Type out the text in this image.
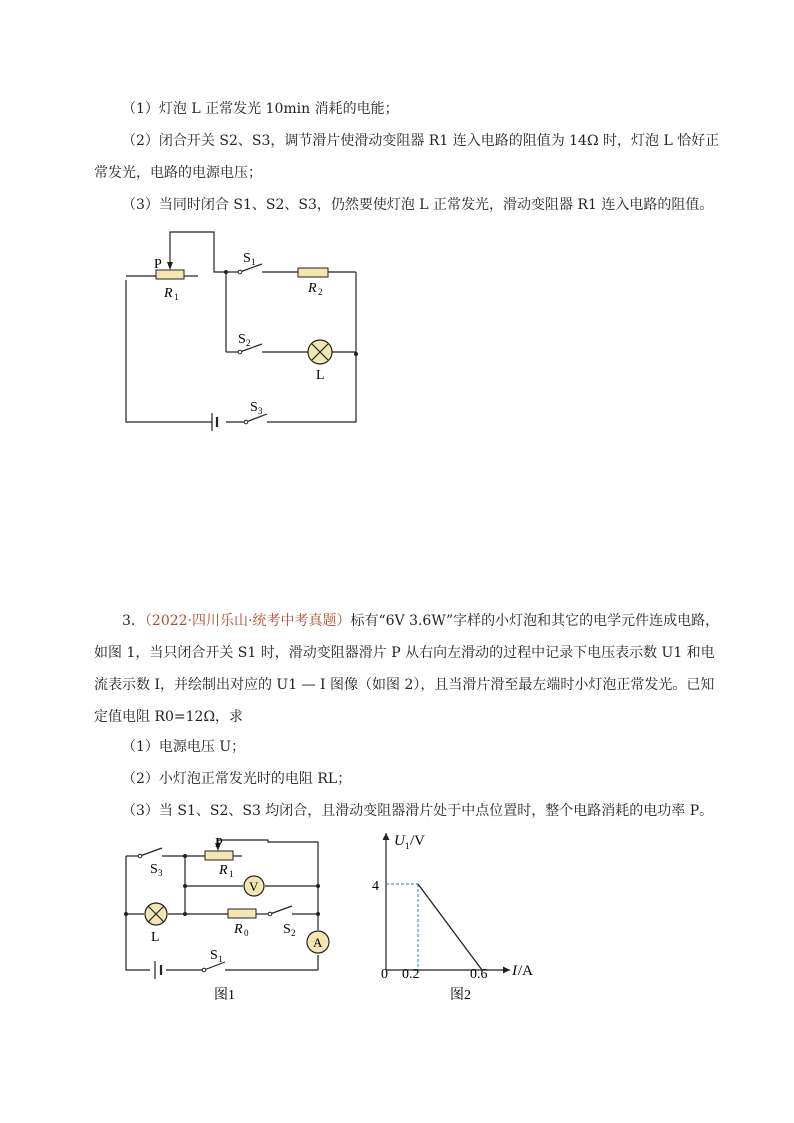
（1）灯泡 L 正常发光 10min 消耗的电能；
（2）闭合开关 S2、S3，调节滑片使滑动变阻器 R1 连入电路的阻值为 14Ω 时，灯泡 L 恰好正
常发光，电路的电源电压；
（3）当同时闭合 S1、S2、S3，仍然要使灯泡 L 正常发光，滑动变阻器 R1 连入电路的阻值。
P
R 1
S 1
R 2
S 2
L
S 3
3．（2022·四川乐山·统考中考真题）标有“6V 3.6W”字样的小灯泡和其它的电学元件连成电路，
如图 1，当只闭合开关 S1 时，滑动变阻器滑片 P 从右向左滑动的过程中记录下电压表示数 U1 和电
流表示数 I，并绘制出对应的 U1 — I 图像（如图 2），且当滑片滑至最左端时小灯泡正常发光。已知
定值电阻 R0=12Ω，求
（1）电源电压 U；
（2）小灯泡正常发光时的电阻 RL；
（3）当 S1、S2、S3 均闭合，且滑动变阻器滑片处于中点位置时，整个电路消耗的电功率 P。
V
A
P
R 1
S 3
L
R 0 S 2
S 1
图1
U 1 /V
I /A
0 0.2	0.6
4
图2
